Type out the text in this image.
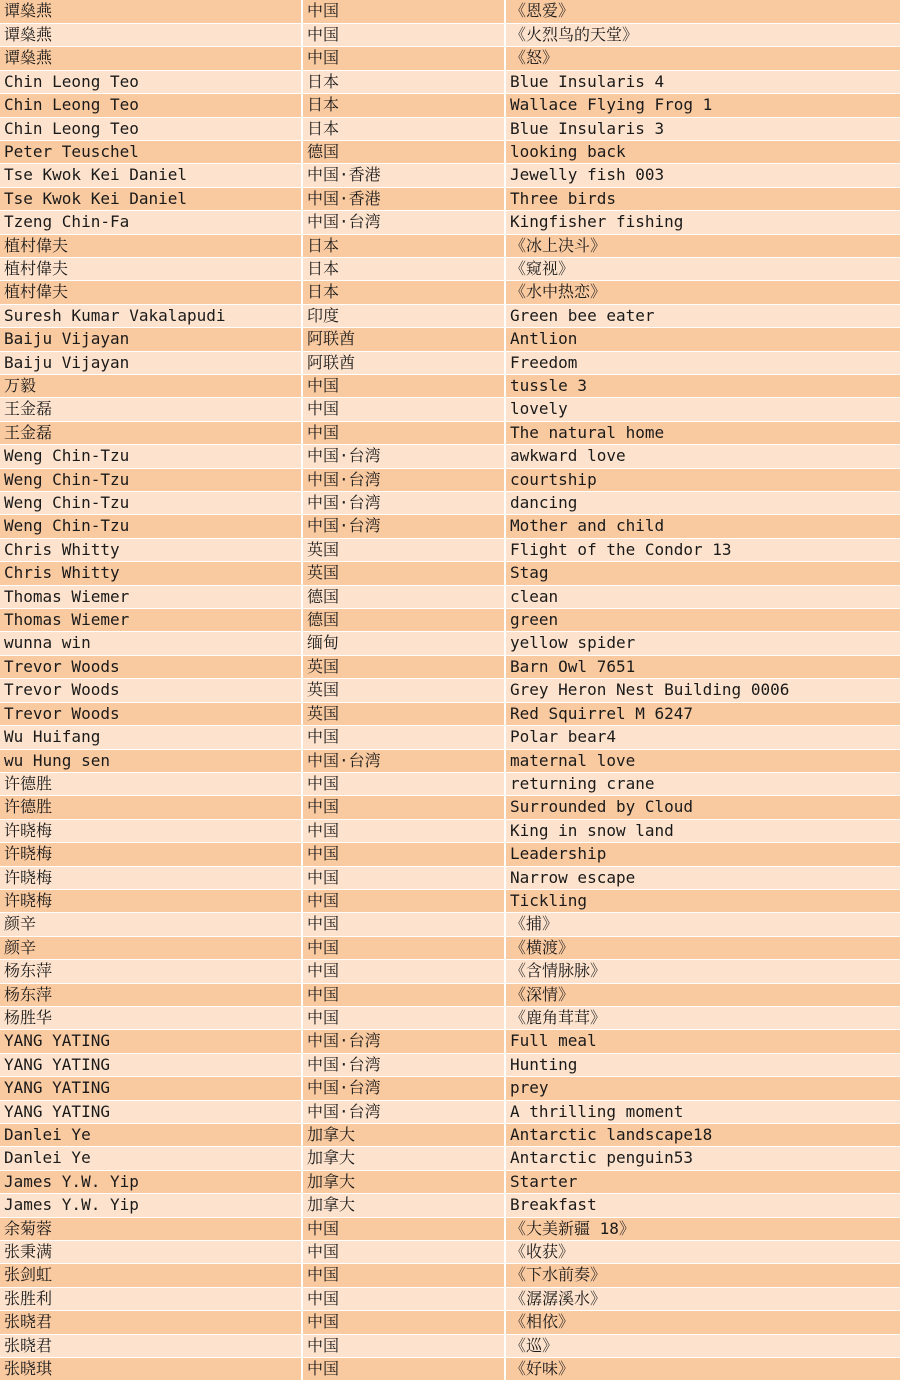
谭燊燕	中国	《恩爱》
谭燊燕	中国	《火烈鸟的天堂》
谭燊燕	中国	《怒》
Chin Leong Teo	日本	Blue Insularis 4
Chin Leong Teo	日本	Wallace Flying Frog 1
Chin Leong Teo	日本	Blue Insularis 3
Peter Teuschel	德国	looking back
Tse Kwok Kei Daniel	中国·香港	Jewelly fish 003
Tse Kwok Kei Daniel	中国·香港	Three birds
Tzeng Chin-Fa	中国·台湾	Kingfisher fishing
植村偉夫	日本	《冰上决斗》
植村偉夫	日本	《窥视》
植村偉夫	日本	《水中热恋》
Suresh Kumar Vakalapudi	印度	Green bee eater
Baiju Vijayan	阿联酋	Antlion
Baiju Vijayan	阿联酋	Freedom
万毅	中国	tussle 3
王金磊	中国	lovely
王金磊	中国	The natural home
Weng Chin-Tzu	中国·台湾	awkward love
Weng Chin-Tzu	中国·台湾	courtship
Weng Chin-Tzu	中国·台湾	dancing
Weng Chin-Tzu	中国·台湾	Mother and child
Chris Whitty	英国	Flight of the Condor 13
Chris Whitty	英国	Stag
Thomas Wiemer	德国	clean
Thomas Wiemer	德国	green
wunna win	缅甸	yellow spider
Trevor Woods	英国	Barn Owl 7651
Trevor Woods	英国	Grey Heron Nest Building 0006
Trevor Woods	英国	Red Squirrel M 6247
Wu Huifang	中国	Polar bear4
wu Hung sen	中国·台湾	maternal love
许德胜	中国	returning crane
许德胜	中国	Surrounded by Cloud
许晓梅	中国	King in snow land
许晓梅	中国	Leadership
许晓梅	中国	Narrow escape
许晓梅	中国	Tickling
颜辛	中国	《捕》
颜辛	中国	《横渡》
杨东萍	中国	《含情脉脉》
杨东萍	中国	《深情》
杨胜华	中国	《鹿角茸茸》
YANG YATING	中国·台湾	Full meal
YANG YATING	中国·台湾	Hunting
YANG YATING	中国·台湾	prey
YANG YATING	中国·台湾	A thrilling moment
Danlei Ye	加拿大	Antarctic landscape18
Danlei Ye	加拿大	Antarctic penguin53
James Y.W. Yip	加拿大	Starter
James Y.W. Yip	加拿大	Breakfast
余菊蓉	中国	《大美新疆 18》
张秉满	中国	《收获》
张剑虹	中国	《下水前奏》
张胜利	中国	《潺潺溪水》
张晓君	中国	《相依》
张晓君	中国	《巡》
张晓琪	中国	《好味》
